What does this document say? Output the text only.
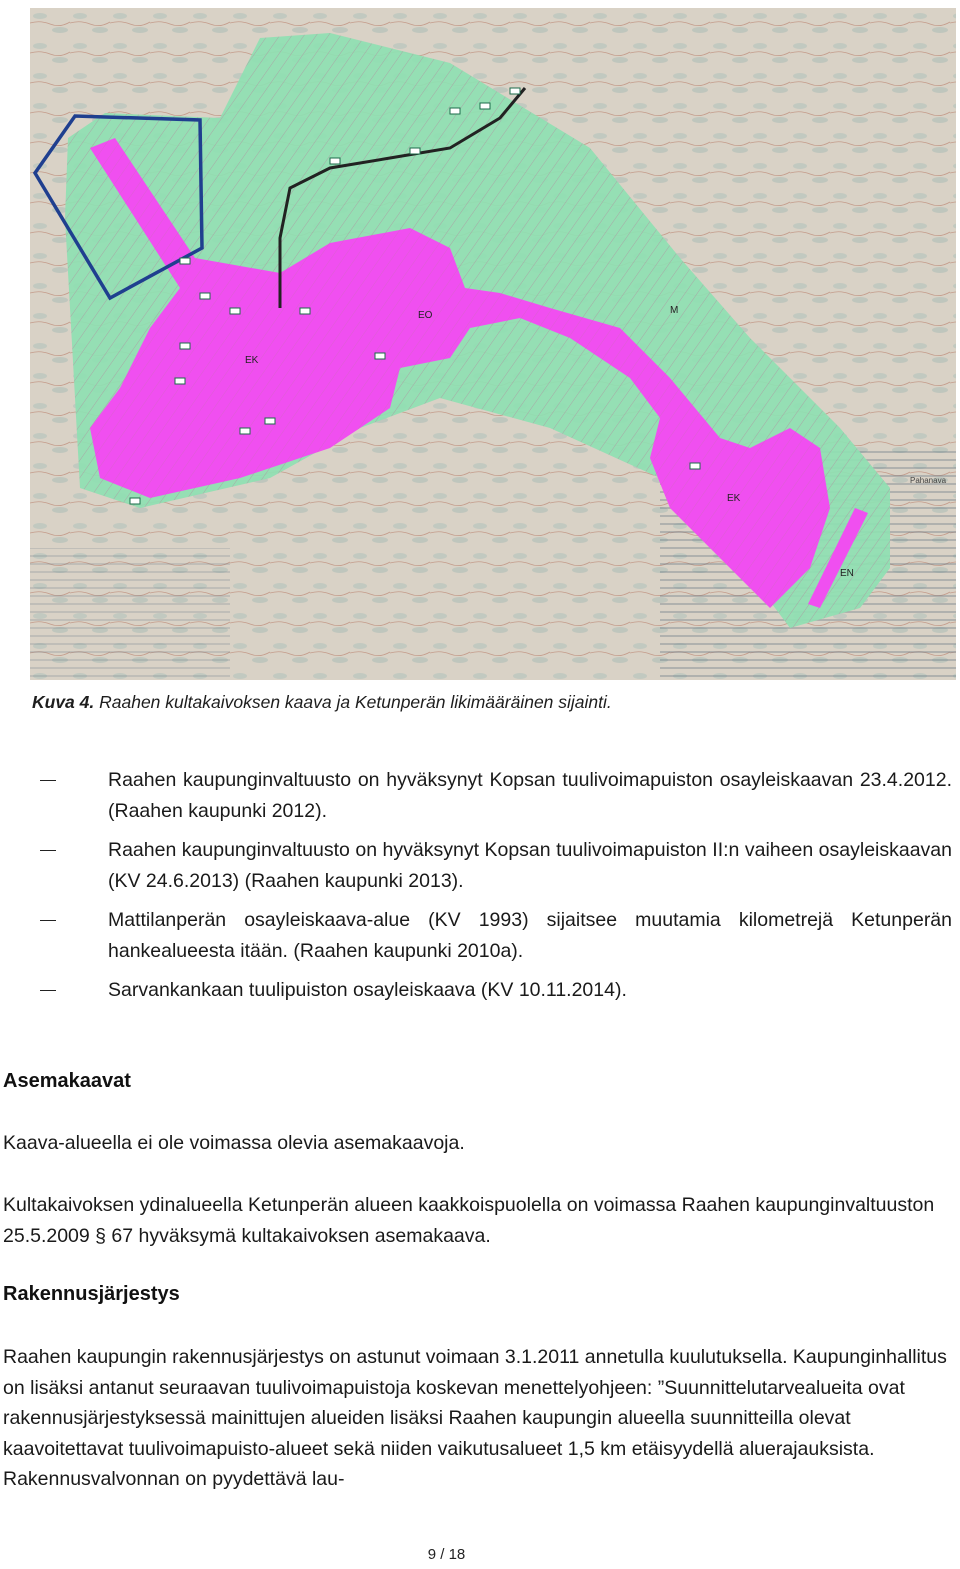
EK
EO
EN
M
EK
Pahanava
Kuva 4. Raahen kultakaivoksen kaava ja Ketunperän likimääräinen sijainti.
Raahen kaupunginvaltuusto on hyväksynyt Kopsan tuulivoimapuiston osayleiskaavan 23.4.2012. (Raahen kaupunki 2012).
Raahen kaupunginvaltuusto on hyväksynyt Kopsan tuulivoimapuiston II:n vaiheen osayleiskaavan (KV 24.6.2013) (Raahen kaupunki 2013).
Mattilanperän osayleiskaava-alue (KV 1993) sijaitsee muutamia kilometrejä Ketunperän hankealueesta itään. (Raahen kaupunki 2010a).
Sarvankankaan tuulipuiston osayleiskaava (KV 10.11.2014).
Asemakaavat
Kaava-alueella ei ole voimassa olevia asemakaavoja.
Kultakaivoksen ydinalueella Ketunperän alueen kaakkoispuolella on voimassa Raahen kaupunginvaltuuston 25.5.2009 § 67 hyväksymä kultakaivoksen asemakaava.
Rakennusjärjestys
Raahen kaupungin rakennusjärjestys on astunut voimaan 3.1.2011 annetulla kuulutuksella. Kaupunginhallitus on lisäksi antanut seuraavan tuulivoimapuistoja koskevan menettelyohjeen: ”Suunnittelutarvealueita ovat rakennusjärjestyksessä mainittujen alueiden lisäksi Raahen kaupungin alueella suunnitteilla olevat kaavoitettavat tuulivoimapuisto-alueet sekä niiden vaikutusalueet 1,5 km etäisyydellä aluerajauksista. Rakennusvalvonnan on pyydettävä lau-
9 / 18
